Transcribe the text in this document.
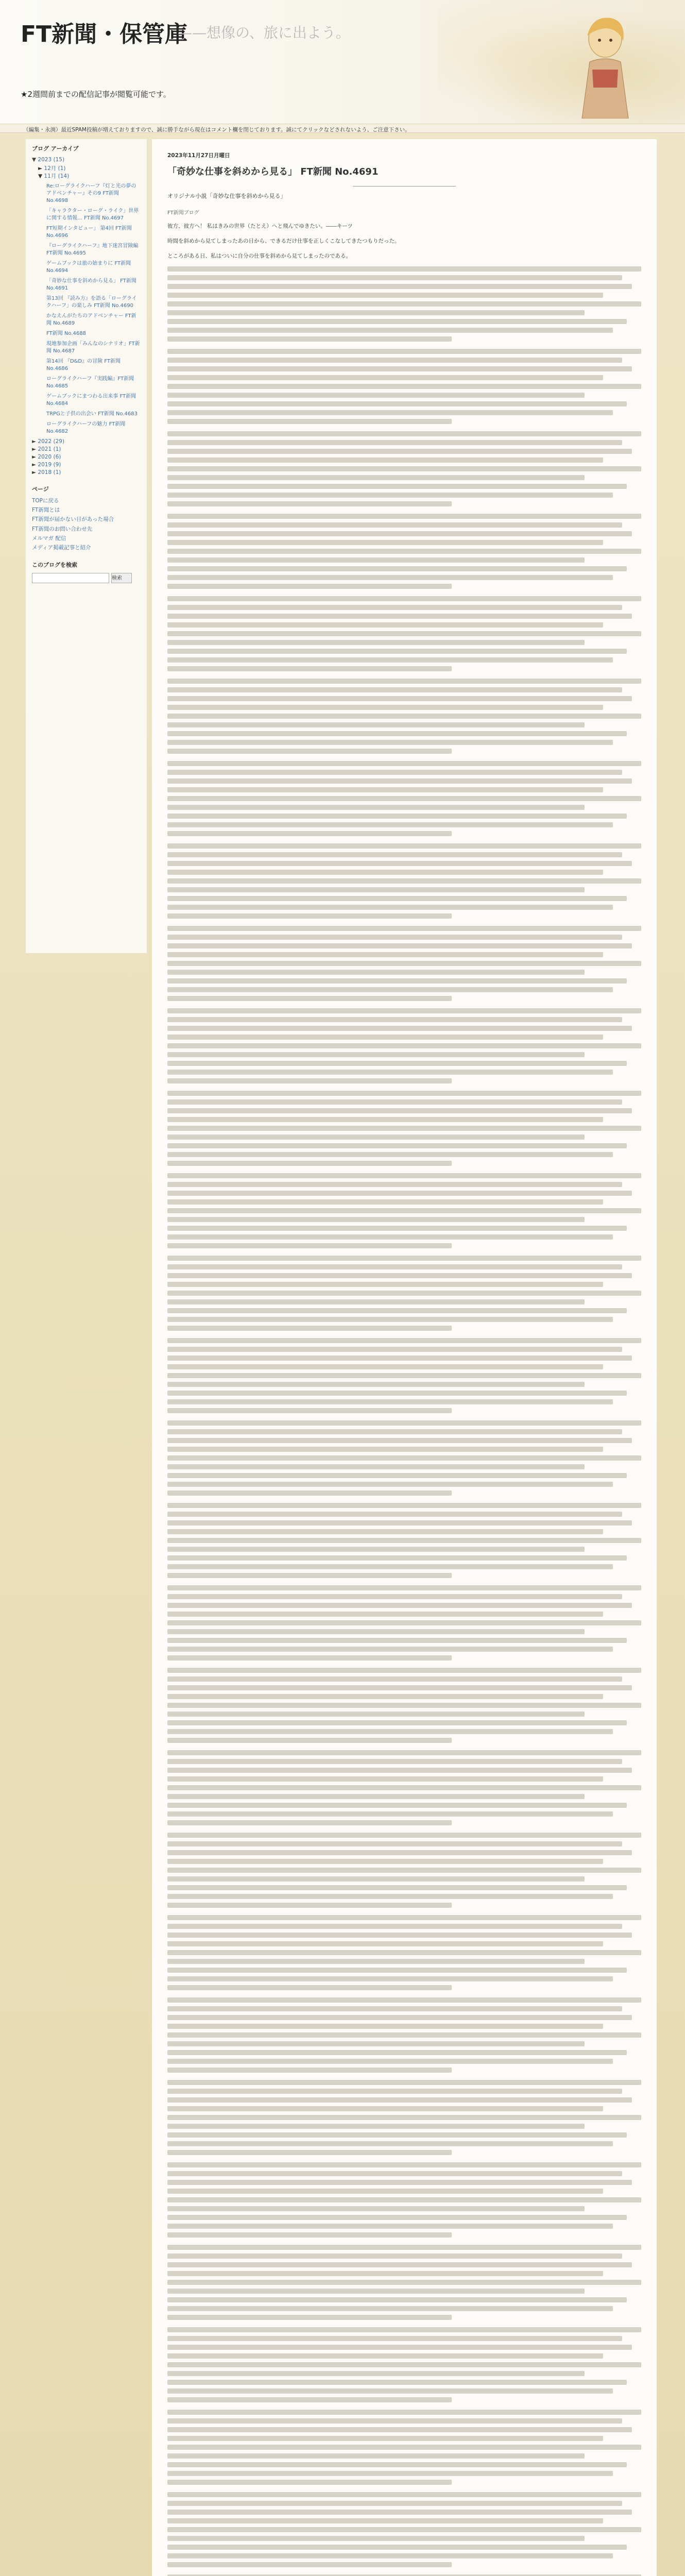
FT新聞・保管庫
——想像の、旅に出よう。
★2週間前までの配信記事が閲覧可能です。
（編集・永渕）最近SPAM投稿が増えておりますので、誠に勝手ながら現在はコメント欄を閉じております。誠にてクリックなどされないよう、ご注意下さい。
ブログ アーカイブ
▼ 2023 (15)
► 12月 (1)
▼ 11月 (14)
Re:ローグライクハーフ『灯と光の夢のアドベンチャー』その9 FT新聞 No.4698
「キャラクター・ローグ・ライク」世界に関する情報… FT新聞 No.4697
FT短期インタビュー」 第4回 FT新聞 No.4696
『ローグライクハーフ』地下迷宮冒険編 FT新聞 No.4695
ゲームブックは旅の始まりに FT新聞 No.4694
「奇妙な仕事を斜めから見る」 FT新聞 No.4691
第13回 『読み方』を語る「ローグライクハーフ」の楽しみ FT新聞 No.4690
かなえんがたちのアドベンチャー FT新聞 No.4689
FT新聞 No.4688
現地参加企画「みんなのシナリオ」FT新聞 No.4687
第14回 『D&D』の冒険 FT新聞 No.4686
ローグライクハーフ『実践編』FT新聞 No.4685
ゲームブックにまつわる出来事 FT新聞 No.4684
TRPGと子供の出会い FT新聞 No.4683
ローグライクハーフの魅力 FT新聞 No.4682
► 2022 (29)
► 2021 (1)
► 2020 (6)
► 2019 (9)
► 2018 (1)
ページ
TOPに戻る
FT新聞とは
FT新聞が届かない日があった場合
FT新聞のお問い合わせ先
メルマガ 配信
メディア掲載記事と紹介
このブログを検索
検索
2023年11月27日月曜日
「奇妙な仕事を斜めから見る」 FT新聞 No.4691
オリジナル小説「奇妙な仕事を斜めから見る」
FT新聞ブログ
彼方、彼方へ！ 私はきみの世界（たとえ）へと飛んでゆきたい。――キーツ
時間を斜めから見てしまったあの日から、できるだけ仕事を正しくこなしてきたつもりだった。
ところがある日、私はついに自分の仕事を斜めから見てしまったのである。
